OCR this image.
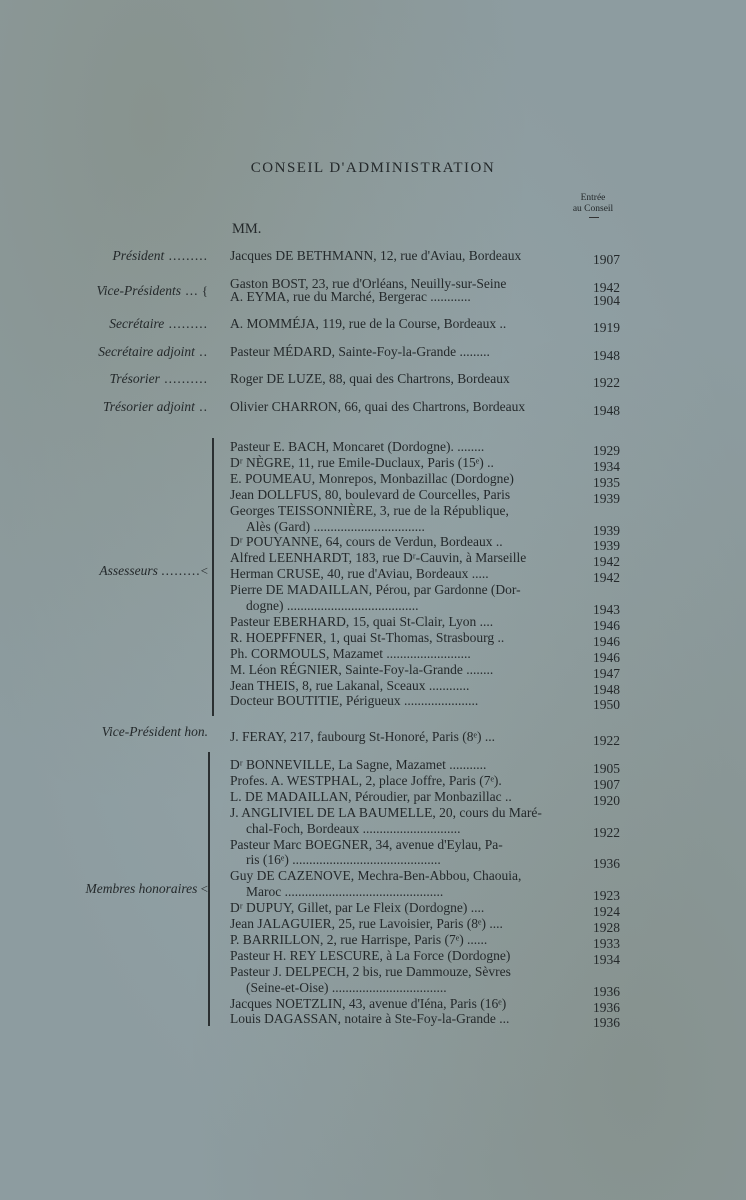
CONSEIL D'ADMINISTRATION
Entrée
au Conseil
MM.
Président ......... Jacques DE BETHMANN, 12, rue d'Aviau, Bordeaux	1907
Vice-Présidents ... { Gaston BOST, 23, rue d'Orléans, Neuilly-sur-Seine	1942
A. EYMA, rue du Marché, Bergerac ............	1904
Secrétaire ......... A. MOMMÉJA, 119, rue de la Course, Bordeaux ..	1919
Secrétaire adjoint .. Pasteur MÉDARD, Sainte-Foy-la-Grande .........	1948
Trésorier .......... Roger DE LUZE, 88, quai des Chartrons, Bordeaux	1922
Trésorier adjoint .. Olivier CHARRON, 66, quai des Chartrons, Bordeaux	1948
Assesseurs .........<
Pasteur E. BACH, Moncaret (Dordogne). ........	1929
Dʳ NÈGRE, 11, rue Emile-Duclaux, Paris (15ᵉ) ..	1934
E. POUMEAU, Monrepos, Monbazillac (Dordogne)	1935
Jean DOLLFUS, 80, boulevard de Courcelles, Paris	1939
Georges TEISSONNIÈRE, 3, rue de la République,
Alès (Gard) .................................	1939
Dʳ POUYANNE, 64, cours de Verdun, Bordeaux ..	1939
Alfred LEENHARDT, 183, rue Dʳ-Cauvin, à Marseille	1942
Herman CRUSE, 40, rue d'Aviau, Bordeaux .....	1942
Pierre DE MADAILLAN, Pérou, par Gardonne (Dor-
dogne) .......................................	1943
Pasteur EBERHARD, 15, quai St-Clair, Lyon ....	1946
R. HOEPFFNER, 1, quai St-Thomas, Strasbourg ..	1946
Ph. CORMOULS, Mazamet .........................	1946
M. Léon RÉGNIER, Sainte-Foy-la-Grande ........	1947
Jean THEIS, 8, rue Lakanal, Sceaux ............	1948
Docteur BOUTITIE, Périgueux ......................	1950
Vice-Président hon. J. FERAY, 217, faubourg St-Honoré, Paris (8ᵉ) ...	1922
Membres honoraires <
Dʳ BONNEVILLE, La Sagne, Mazamet ...........	1905
Profes. A. WESTPHAL, 2, place Joffre, Paris (7ᵉ).	1907
L. DE MADAILLAN, Péroudier, par Monbazillac ..	1920
J. ANGLIVIEL DE LA BAUMELLE, 20, cours du Maré-
chal-Foch, Bordeaux .............................	1922
Pasteur Marc BOEGNER, 34, avenue d'Eylau, Pa-
ris (16ᵉ) ............................................	1936
Guy DE CAZENOVE, Mechra-Ben-Abbou, Chaouia,
Maroc ...............................................	1923
Dʳ DUPUY, Gillet, par Le Fleix (Dordogne) ....	1924
Jean JALAGUIER, 25, rue Lavoisier, Paris (8ᵉ) ....	1928
P. BARRILLON, 2, rue Harrispe, Paris (7ᵉ) ......	1933
Pasteur H. REY LESCURE, à La Force (Dordogne)	1934
Pasteur J. DELPECH, 2 bis, rue Dammouze, Sèvres
(Seine-et-Oise) ..................................	1936
Jacques NOETZLIN, 43, avenue d'Iéna, Paris (16ᵉ)	1936
Louis DAGASSAN, notaire à Ste-Foy-la-Grande ...	1936
